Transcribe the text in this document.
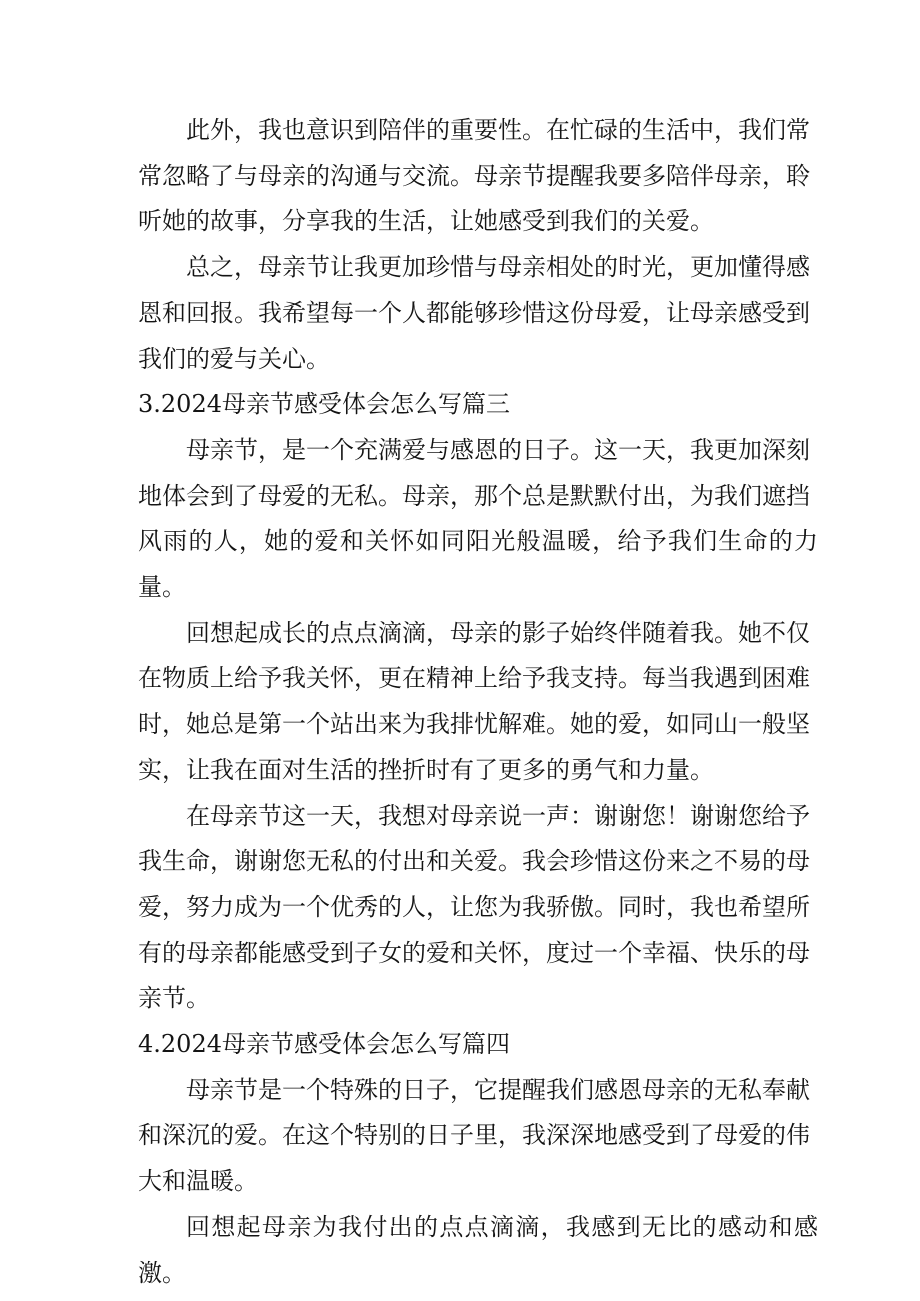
此外，我也意识到陪伴的重要性。在忙碌的生活中，我们常
常忽略了与母亲的沟通与交流。母亲节提醒我要多陪伴母亲，聆
听她的故事，分享我的生活，让她感受到我们的关爱。

总之，母亲节让我更加珍惜与母亲相处的时光，更加懂得感
恩和回报。我希望每一个人都能够珍惜这份母爱，让母亲感受到
我们的爱与关心。

3.2024母亲节感受体会怎么写篇三

母亲节，是一个充满爱与感恩的日子。这一天，我更加深刻
地体会到了母爱的无私。母亲，那个总是默默付出，为我们遮挡
风雨的人，她的爱和关怀如同阳光般温暖，给予我们生命的力量。

回想起成长的点点滴滴，母亲的影子始终伴随着我。她不仅
在物质上给予我关怀，更在精神上给予我支持。每当我遇到困难
时，她总是第一个站出来为我排忧解难。她的爱，如同山一般坚
实，让我在面对生活的挫折时有了更多的勇气和力量。

在母亲节这一天，我想对母亲说一声：谢谢您！谢谢您给予
我生命，谢谢您无私的付出和关爱。我会珍惜这份来之不易的母
爱，努力成为一个优秀的人，让您为我骄傲。同时，我也希望所
有的母亲都能感受到子女的爱和关怀，度过一个幸福、快乐的母
亲节。

4.2024母亲节感受体会怎么写篇四

母亲节是一个特殊的日子，它提醒我们感恩母亲的无私奉献
和深沉的爱。在这个特别的日子里，我深深地感受到了母爱的伟
大和温暖。

回想起母亲为我付出的点点滴滴，我感到无比的感动和感激。
